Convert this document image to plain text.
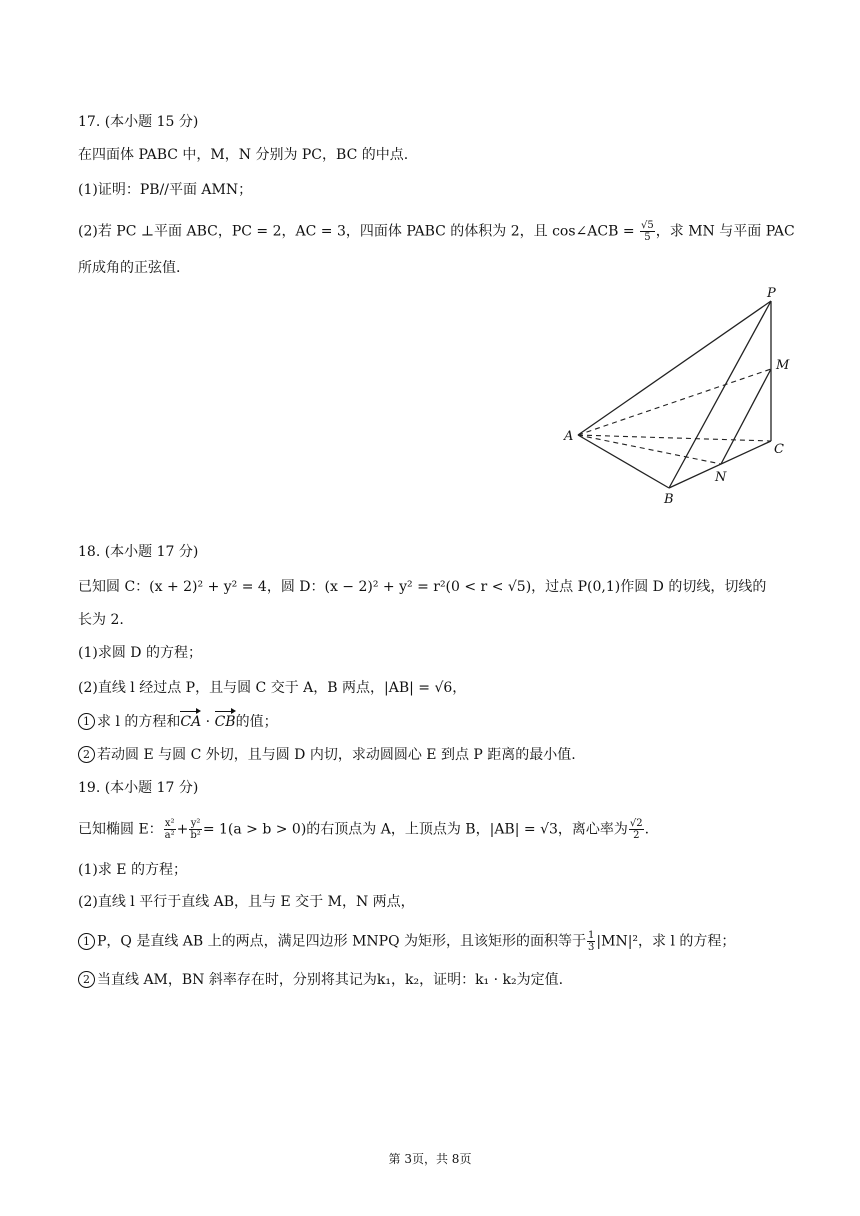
17. (本小题 15 分)
在四面体 PABC 中，M，N 分别为 PC，BC 的中点.
(1)证明：PB//平面 AMN；
(2)若 PC ⊥平面 ABC，PC = 2，AC = 3，四面体 PABC 的体积为 2，且 cos∠ACB = $\frac{√5}{5}$ ，求 MN 与平面 PAC
所成角的正弦值.
P
M
A
C
N
B
18. (本小题 17 分)
已知圆 C：(x + 2)² + y² = 4，圆 D：(x − 2)² + y² = r²(0 < r < √5)，过点 P(0,1)作圆 D 的切线，切线的
长为 2.
(1)求圆 D 的方程；
(2)直线 l 经过点 P，且与圆 C 交于 A，B 两点，|AB| = √6，
1 求 l 的方程和CA · CB的值；
2 若动圆 E 与圆 C 外切，且与圆 D 内切，求动圆圆心 E 到点 P 距离的最小值.
19. (本小题 17 分)
已知椭圆 E： $\frac{\text{x²}}{\text{a²}} + \frac{\text{y²}}{\text{b²}} = 1(a > b > 0)$的右顶点为 A，上顶点为 B，|AB| = √3，离心率为 $\frac{√2}{2}$ .
(1)求 E 的方程；
(2)直线 l 平行于直线 AB，且与 E 交于 M，N 两点，
1 P，Q 是直线 AB 上的两点，满足四边形 MNPQ 为矩形，且该矩形的面积等于 $\frac{1}{3} |MN|^2$，求 l 的方程；
2 当直线 AM，BN 斜率存在时，分别将其记为k₁，k₂，证明：k₁ · k₂为定值.
第 3页，共 8页
